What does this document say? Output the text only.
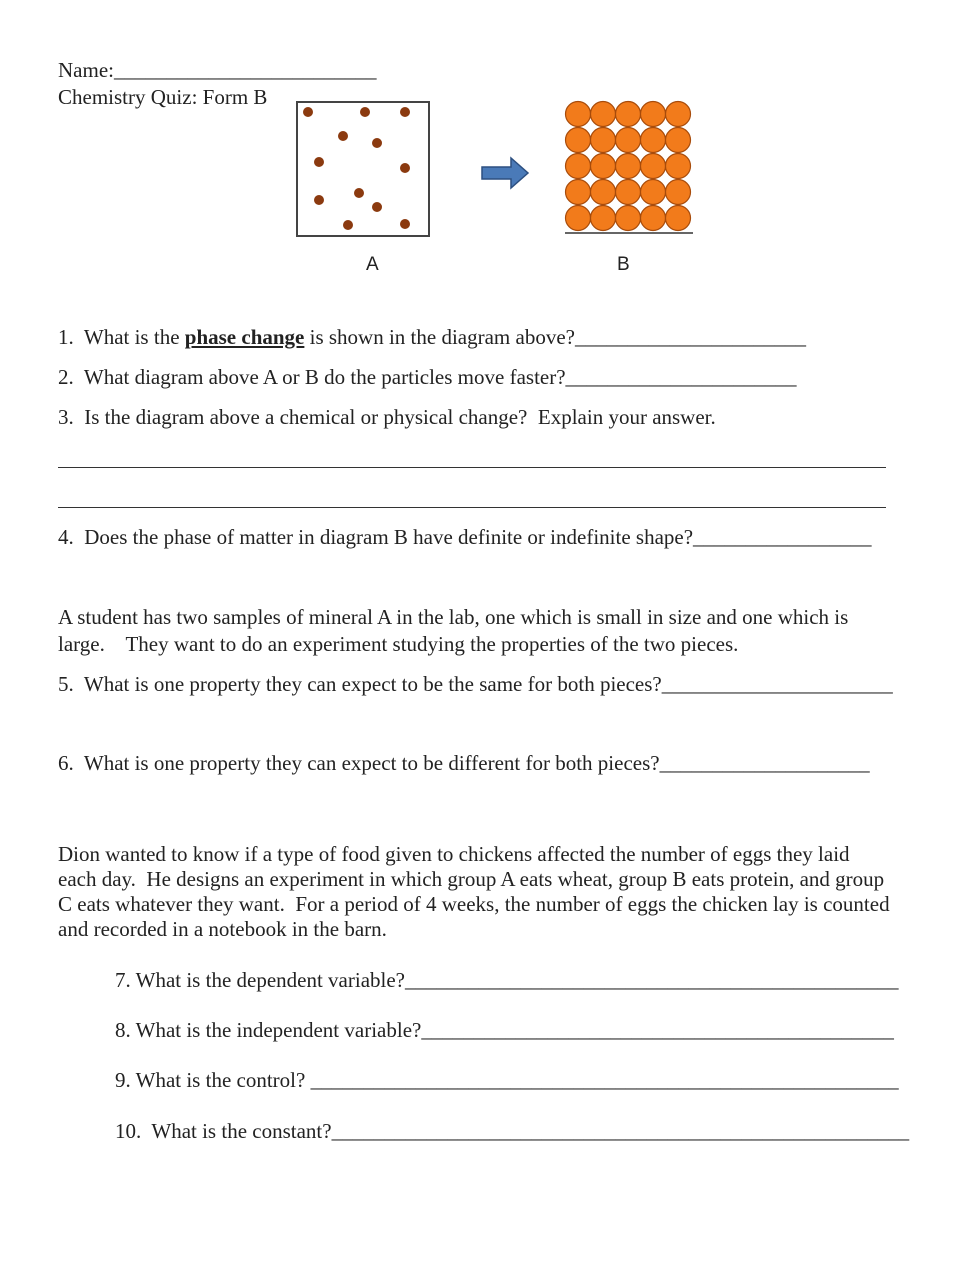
Name:_________________________
Chemistry Quiz: Form B
A	B
1.  What is the phase change is shown in the diagram above?______________________
2.  What diagram above A or B do the particles move faster?______________________
3.  Is the diagram above a chemical or physical change?  Explain your answer.
4.  Does the phase of matter in diagram B have definite or indefinite shape?_________________
A student has two samples of mineral A in the lab, one which is small in size and one which is
large.    They want to do an experiment studying the properties of the two pieces.
5.  What is one property they can expect to be the same for both pieces?______________________
6.  What is one property they can expect to be different for both pieces?____________________
Dion wanted to know if a type of food given to chickens affected the number of eggs they laid
each day.  He designs an experiment in which group A eats wheat, group B eats protein, and group
C eats whatever they want.  For a period of 4 weeks, the number of eggs the chicken lay is counted
and recorded in a notebook in the barn.
7. What is the dependent variable?_______________________________________________
8. What is the independent variable?_____________________________________________
9. What is the control? ________________________________________________________
10.  What is the constant?_______________________________________________________
